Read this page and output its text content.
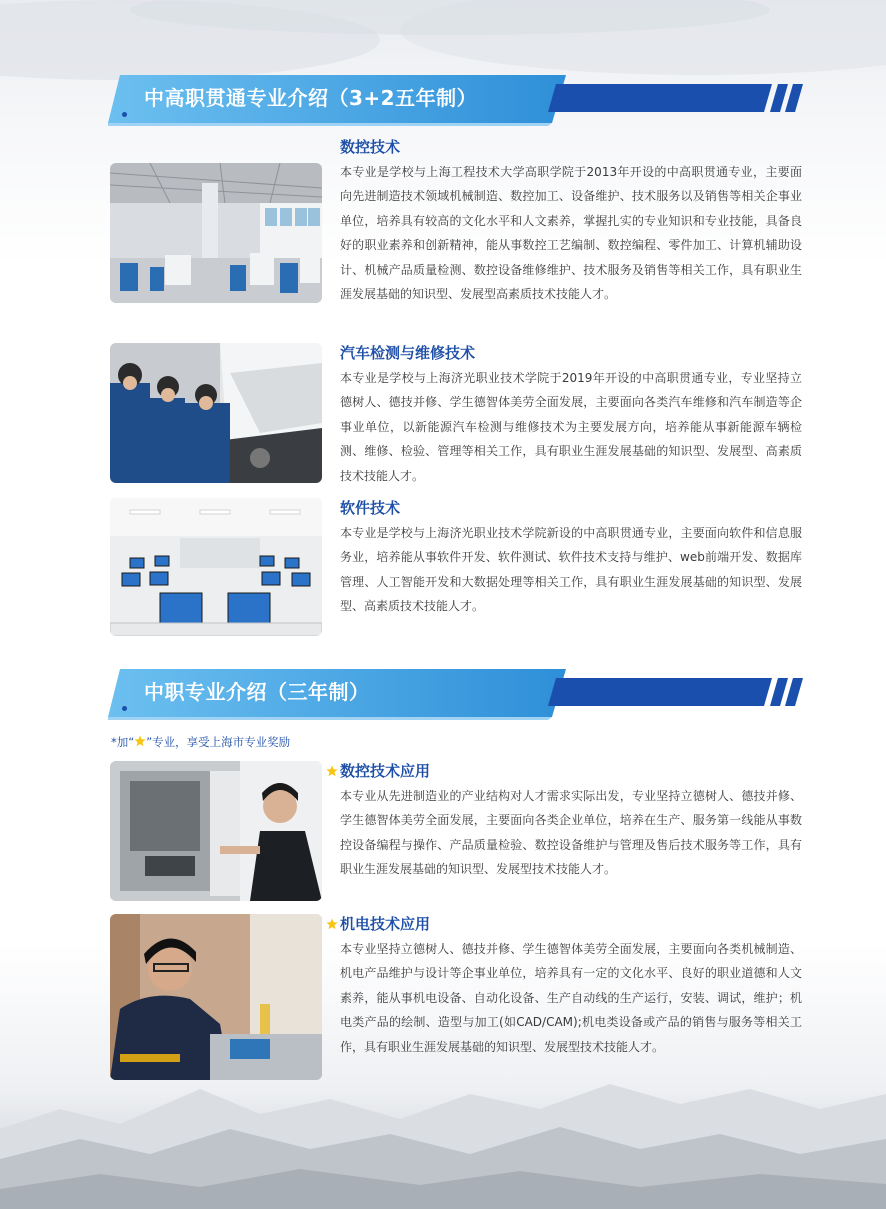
中高职贯通专业介绍（3+2五年制）
数控技术

本专业是学校与上海工程技术大学高职学院于2013年开设的中高职贯通专业，主要面向先进制造技术领域机械制造、数控加工、设备维护、技术服务以及销售等相关企事业单位，培养具有较高的文化水平和人文素养，掌握扎实的专业知识和专业技能，具备良好的职业素养和创新精神，能从事数控工艺编制、数控编程、零件加工、计算机辅助设计、机械产品质量检测、数控设备维修维护、技术服务及销售等相关工作，具有职业生涯发展基础的知识型、发展型高素质技术技能人才。

汽车检测与维修技术

本专业是学校与上海济光职业技术学院于2019年开设的中高职贯通专业，专业坚持立德树人、德技并修、学生德智体美劳全面发展，主要面向各类汽车维修和汽车制造等企事业单位，以新能源汽车检测与维修技术为主要发展方向，培养能从事新能源车辆检测、维修、检验、管理等相关工作，具有职业生涯发展基础的知识型、发展型、高素质技术技能人才。

软件技术

本专业是学校与上海济光职业技术学院新设的中高职贯通专业，主要面向软件和信息服务业，培养能从事软件开发、软件测试、软件技术支持与维护、web前端开发、数据库管理、人工智能开发和大数据处理等相关工作，具有职业生涯发展基础的知识型、发展型、高素质技术技能人才。

中职专业介绍（三年制）
*加“ ”专业，享受上海市专业奖励
数控技术应用

本专业从先进制造业的产业结构对人才需求实际出发，专业坚持立德树人、德技并修、学生德智体美劳全面发展，主要面向各类企业单位，培养在生产、服务第一线能从事数控设备编程与操作、产品质量检验、数控设备维护与管理及售后技术服务等工作，具有职业生涯发展基础的知识型、发展型技术技能人才。

机电技术应用

本专业坚持立德树人、德技并修、学生德智体美劳全面发展，主要面向各类机械制造、机电产品维护与设计等企事业单位，培养具有一定的文化水平、良好的职业道德和人文素养，能从事机电设备、自动化设备、生产自动线的生产运行，安装、调试，维护；机电类产品的绘制、造型与加工(如CAD/CAM);机电类设备或产品的销售与服务等相关工作，具有职业生涯发展基础的知识型、发展型技术技能人才。
